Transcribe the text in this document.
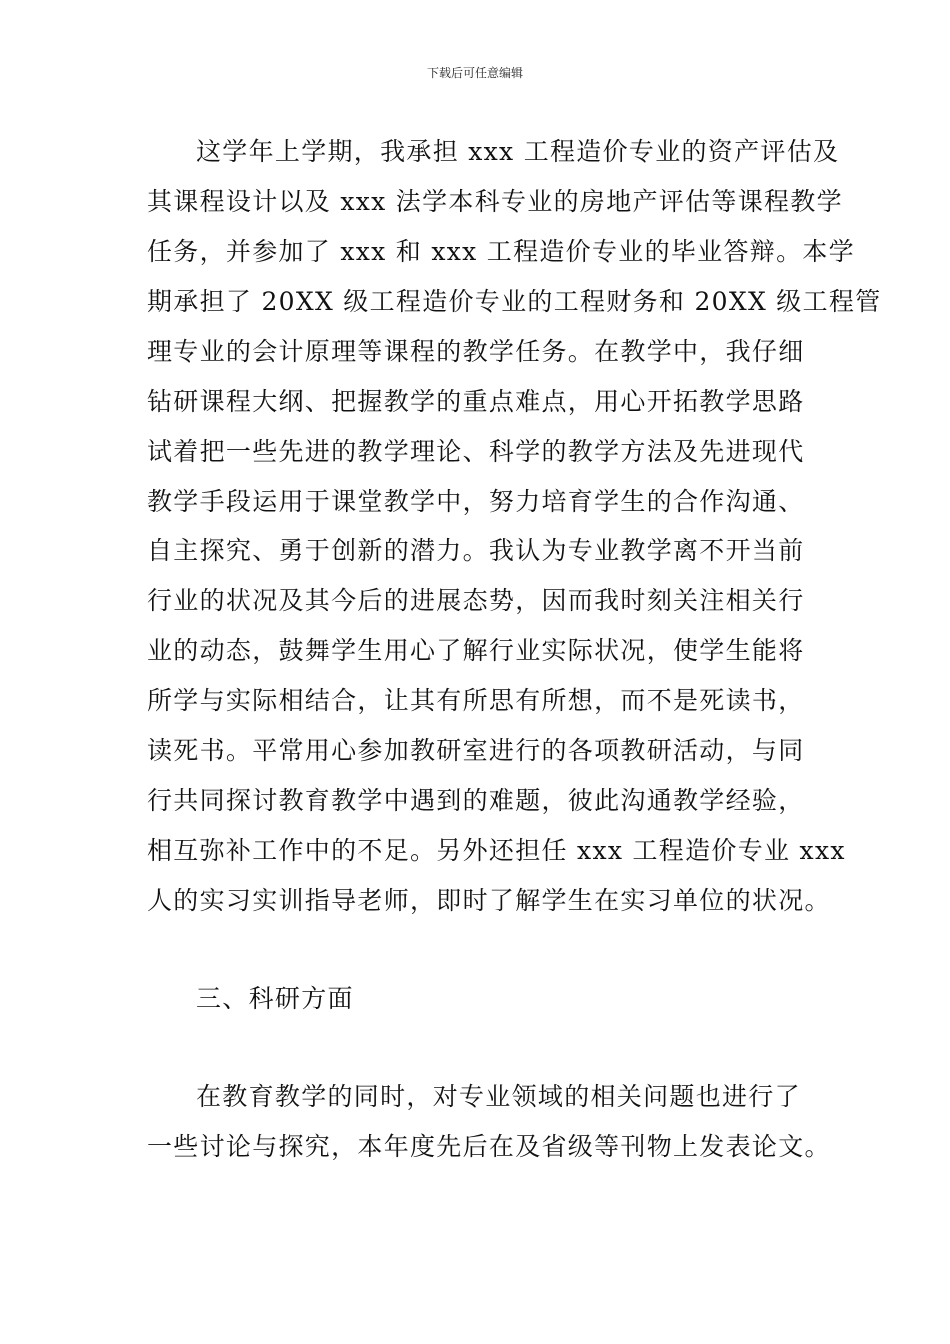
下载后可任意编辑
这学年上学期，我承担 xxx 工程造价专业的资产评估及
其课程设计以及 xxx 法学本科专业的房地产评估等课程教学
任务，并参加了 xxx 和 xxx 工程造价专业的毕业答辩。本学
期承担了 20XX 级工程造价专业的工程财务和 20XX 级工程管
理专业的会计原理等课程的教学任务。在教学中，我仔细
钻研课程大纲、把握教学的重点难点，用心开拓教学思路
试着把一些先进的教学理论、科学的教学方法及先进现代
教学手段运用于课堂教学中，努力培育学生的合作沟通、
自主探究、勇于创新的潜力。我认为专业教学离不开当前
行业的状况及其今后的进展态势，因而我时刻关注相关行
业的动态，鼓舞学生用心了解行业实际状况，使学生能将
所学与实际相结合，让其有所思有所想，而不是死读书，
读死书。平常用心参加教研室进行的各项教研活动，与同
行共同探讨教育教学中遇到的难题，彼此沟通教学经验，
相互弥补工作中的不足。另外还担任 xxx 工程造价专业 xxx
人的实习实训指导老师，即时了解学生在实习单位的状况。
三、科研方面
在教育教学的同时，对专业领域的相关问题也进行了
一些讨论与探究，本年度先后在及省级等刊物上发表论文。
